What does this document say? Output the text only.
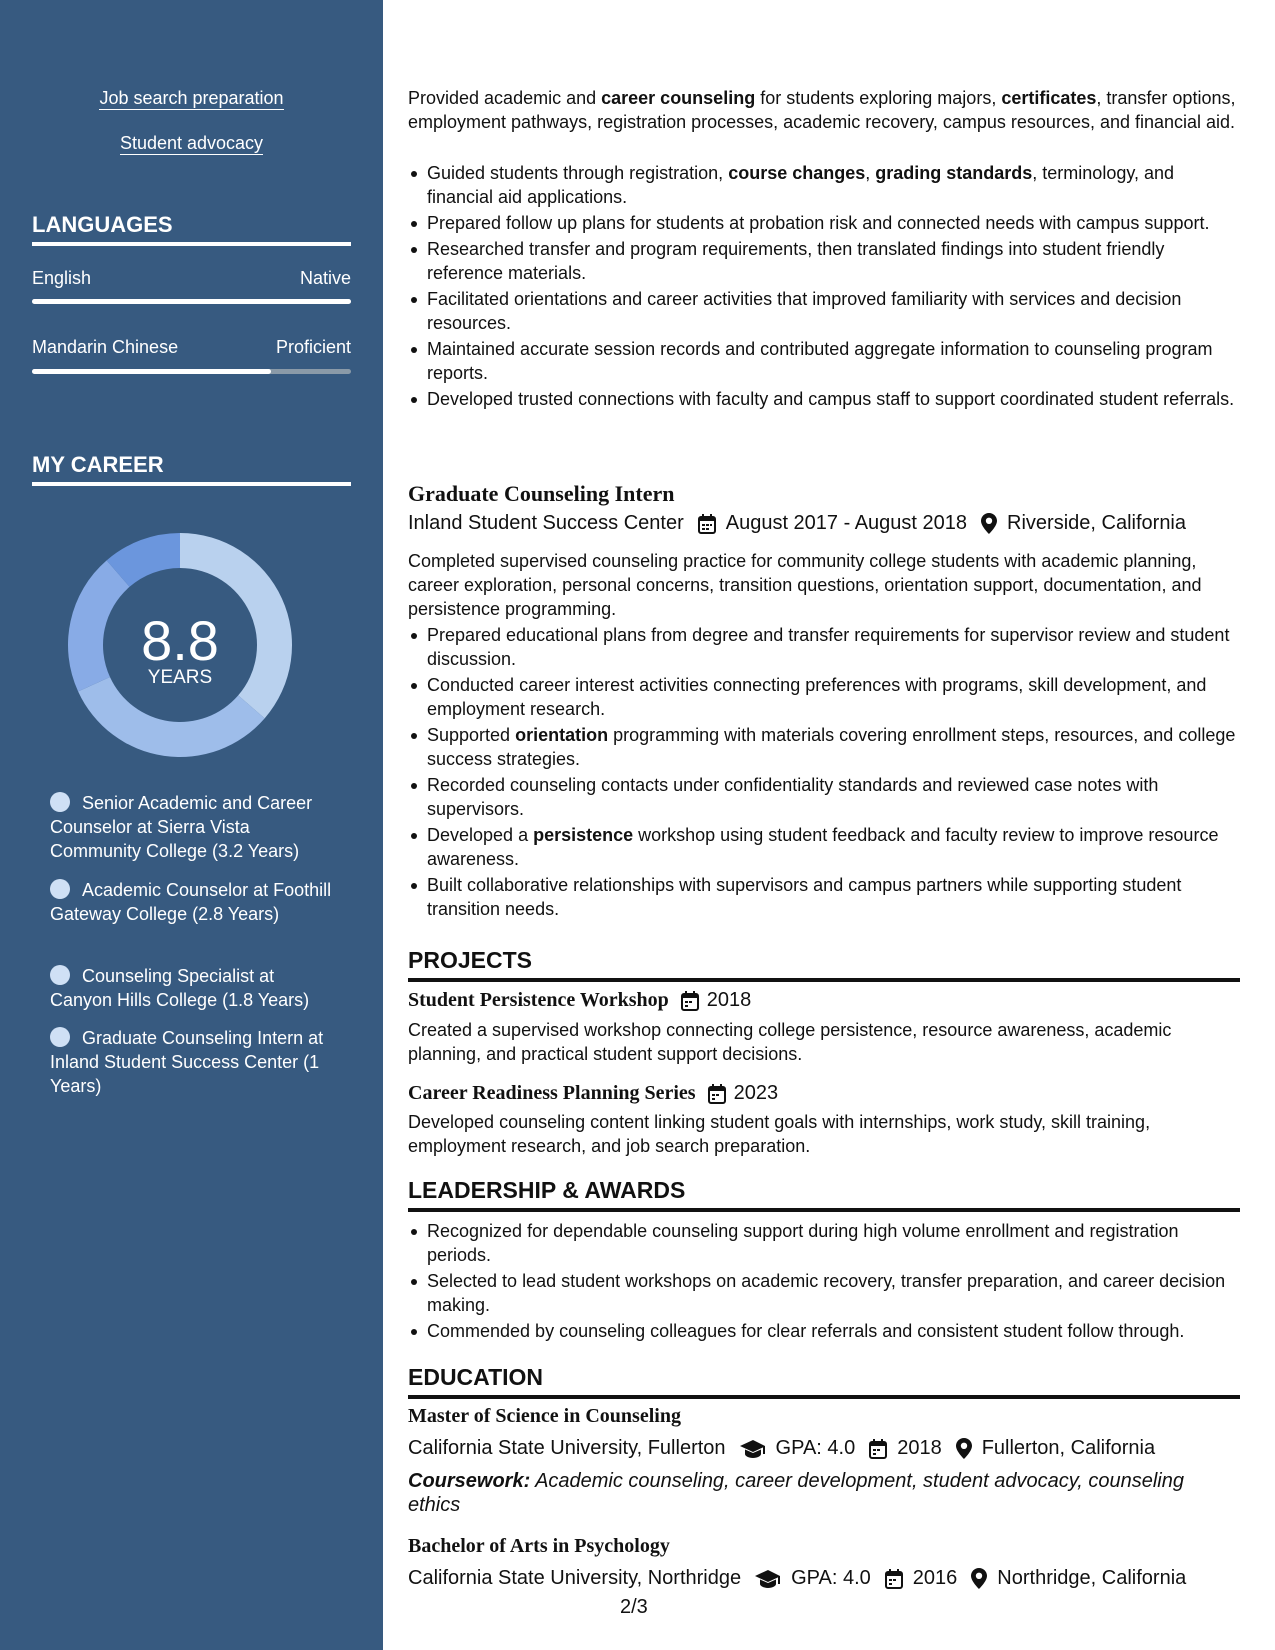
Job search preparation
Student advocacy
LANGUAGES
English	Native
Mandarin Chinese	Proficient
MY CAREER
8.8
YEARS
Senior Academic and Career Counselor at Sierra Vista Community College (3.2 Years)
Academic Counselor at Foothill Gateway College (2.8 Years)
Counseling Specialist at Canyon Hills College (1.8 Years)
Graduate Counseling Intern at Inland Student Success Center (1 Years)

Provided academic and career counseling for students exploring majors, certificates, transfer options, employment pathways, registration processes, academic recovery, campus resources, and financial aid.

Guided students through registration, course changes, grading standards, terminology, and financial aid applications.
Prepared follow up plans for students at probation risk and connected needs with campus support.
Researched transfer and program requirements, then translated findings into student friendly reference materials.
Facilitated orientations and career activities that improved familiarity with services and decision resources.
Maintained accurate session records and contributed aggregate information to counseling program reports.
Developed trusted connections with faculty and campus staff to support coordinated student referrals.
Graduate Counseling Intern
Inland Student Success Center August 2017 - August 2018 Riverside, California

Completed supervised counseling practice for community college students with academic planning, career exploration, personal concerns, transition questions, orientation support, documentation, and persistence programming.

Prepared educational plans from degree and transfer requirements for supervisor review and student discussion.
Conducted career interest activities connecting preferences with programs, skill development, and employment research.
Supported orientation programming with materials covering enrollment steps, resources, and college success strategies.
Recorded counseling contacts under confidentiality standards and reviewed case notes with supervisors.
Developed a persistence workshop using student feedback and faculty review to improve resource awareness.
Built collaborative relationships with supervisors and campus partners while supporting student transition needs.
PROJECTS
Student Persistence Workshop 2018

Created a supervised workshop connecting college persistence, resource awareness, academic planning, and practical student support decisions.

Career Readiness Planning Series 2023

Developed counseling content linking student goals with internships, work study, skill training, employment research, and job search preparation.

LEADERSHIP & AWARDS
Recognized for dependable counseling support during high volume enrollment and registration periods.
Selected to lead student workshops on academic recovery, transfer preparation, and career decision making.
Commended by counseling colleagues for clear referrals and consistent student follow through.
EDUCATION
Master of Science in Counseling
California State University, Fullerton	GPA: 4.0 2018 Fullerton, California

Coursework: Academic counseling, career development, student advocacy, counseling ethics

Bachelor of Arts in Psychology
California State University, Northridge	GPA: 4.0 2016 Northridge, California
2/3
